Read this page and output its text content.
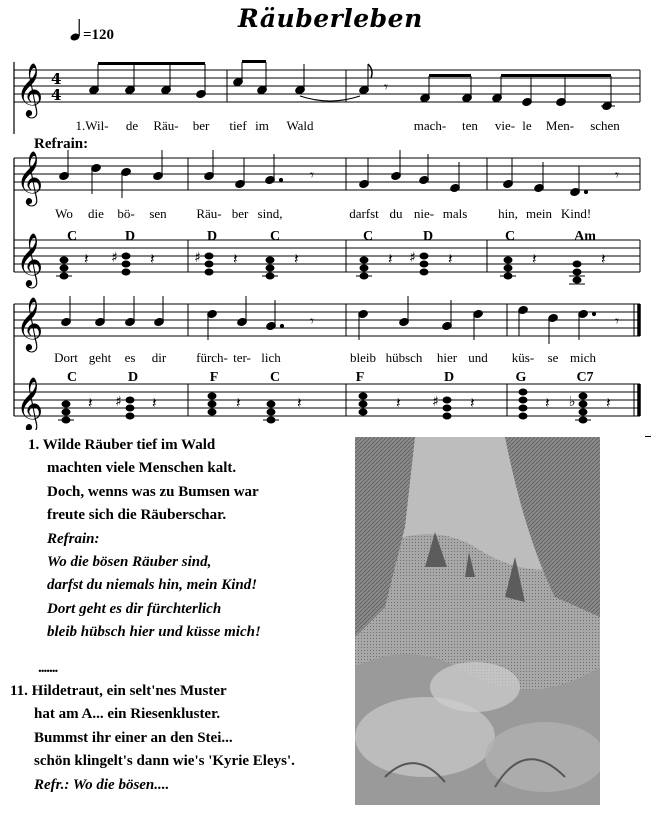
Räuberleben
=120
𝄞
𝄞
𝄞
𝄞
𝄞
4
4	𝄾
𝄾	𝄾
♯	♯	♯
𝄽	𝄽	𝄽	𝄽	𝄽	𝄽	𝄽	𝄽
𝄾	𝄾
♯	♯	♭
𝄽	𝄽	𝄽	𝄽	𝄽	𝄽	𝄽	𝄽
Refrain:
1.Wil- de Räu- ber tief im Wald	mach- ten vie- le Men- schen
Wo die bö- sen Räu- ber sind,	darfst du nie- mals hin, mein Kind!
Dort geht es dir fürch- ter- lich	bleib hübsch hier und küs- se mich
C	D	D	C	C	D	C	Am
C	D	F	C	F	D	G	C7
1. Wilde Räuber tief im Wald
machten viele Menschen kalt.
Doch, wenns was zu Bumsen war
freute sich die Räuberschar.
Refrain:
Wo die bösen Räuber sind,
darfst du niemals hin, mein Kind!
Dort geht es dir fürchterlich
bleib hübsch hier und küsse mich!
.......
11. Hildetraut, ein selt'nes Muster
hat am A... ein Riesenkluster.
Bummst ihr einer an den Stei...
schön klingelt's dann wie's 'Kyrie Eleys'.
Refr.: Wo die bösen....
